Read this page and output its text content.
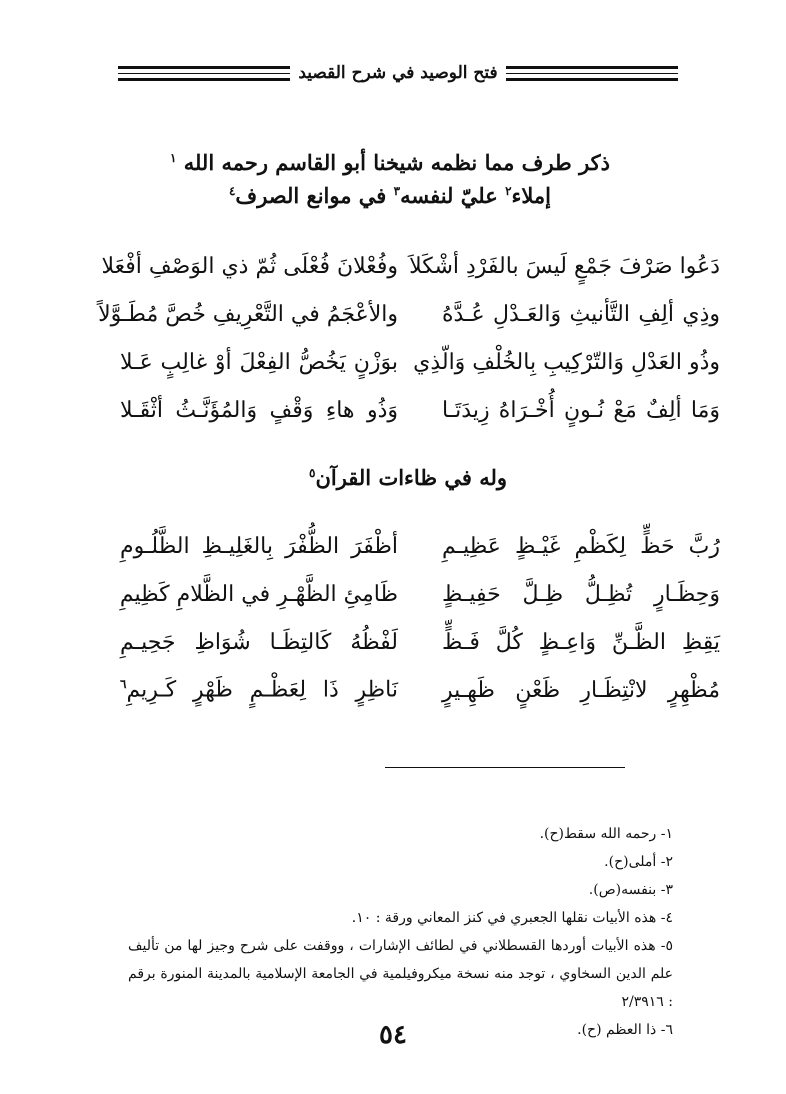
فتح الوصيد في شرح القصيد
ذكر طرف مما نظمه شيخنا أبو القاسم رحمه الله $^١$
إملاء$^٢$ عليّ لنفسه$^٣$ في موانع الصرف$^٤$
دَعُوا صَرْفَ جَمْعٍ لَيسَ بالفَرْدِ أشْكَلاَ
وفُعْلانَ فُعْلَى ثُمّ ذي الوَصْفِ أفْعَلا
وذِي ألِفِ التَّأنيثِ وَالعَـدْلِ عُـدَّهُ
والأعْجَمُ في التَّعْرِيفِ خُصَّ مُطَـوَّلاً
وذُو العَدْلِ وَالتّرْكِيبِ بِالخُلْفِ وَالّذِي
بوَزْنٍ يَخُصُّ الفِعْلَ أوْ غالِبٍ عَـلا
وَمَا ألِفٌ مَعْ نُـونٍ أُخْـرَاهُ زِيدَتَـا
وَذُو هاءِ وَقْفٍ وَالمُؤَنَّـثُ أثْقَـلا
وله في ظاءات القرآن$^٥$
رُبَّ حَظٍّ لِكَظْمِ غَيْـظٍ عَظِيـمِ
أظْفَرَ الظُّفْرَ بِالغَلِيـظِ الظَّلُـومِ
وَحِظَـارٍ تُظِـلُّ ظِـلَّ حَفِيـظٍ
ظَامِئِ الظَّهْـرِ في الظَّلامِ كَظِيمِ
يَقِظِ الظَّـنِّ وَاعِـظٍ كُلَّ فَـظٍّ
لَفْظُهُ كَالتِظَـا شُوَاظِ جَحِيـمِ
مُظْهِرٍ لانْتِظَـارِ ظَعْنٍ ظَهِـيرٍ
نَاظِرٍ ذَا لِعَظْـمٍ ظَهْرٍ كَـرِيمِ$^٦$
١- رحمه الله سقط(ح).
٢- أملى(ح).
٣- بنفسه(ص).
٤- هذه الأبيات نقلها الجعبري في كنز المعاني ورقة : ١٠.
٥- هذه الأبيات أوردها القسطلاني في لطائف الإشارات ، ووقفت على شرح وجيز لها من تأليف علم الدين السخاوي ، توجد منه نسخة ميكروفيلمية في الجامعة الإسلامية بالمدينة المنورة برقم : ٢/٣٩١٦
٦- ذا العظم (ح).
٥٤
